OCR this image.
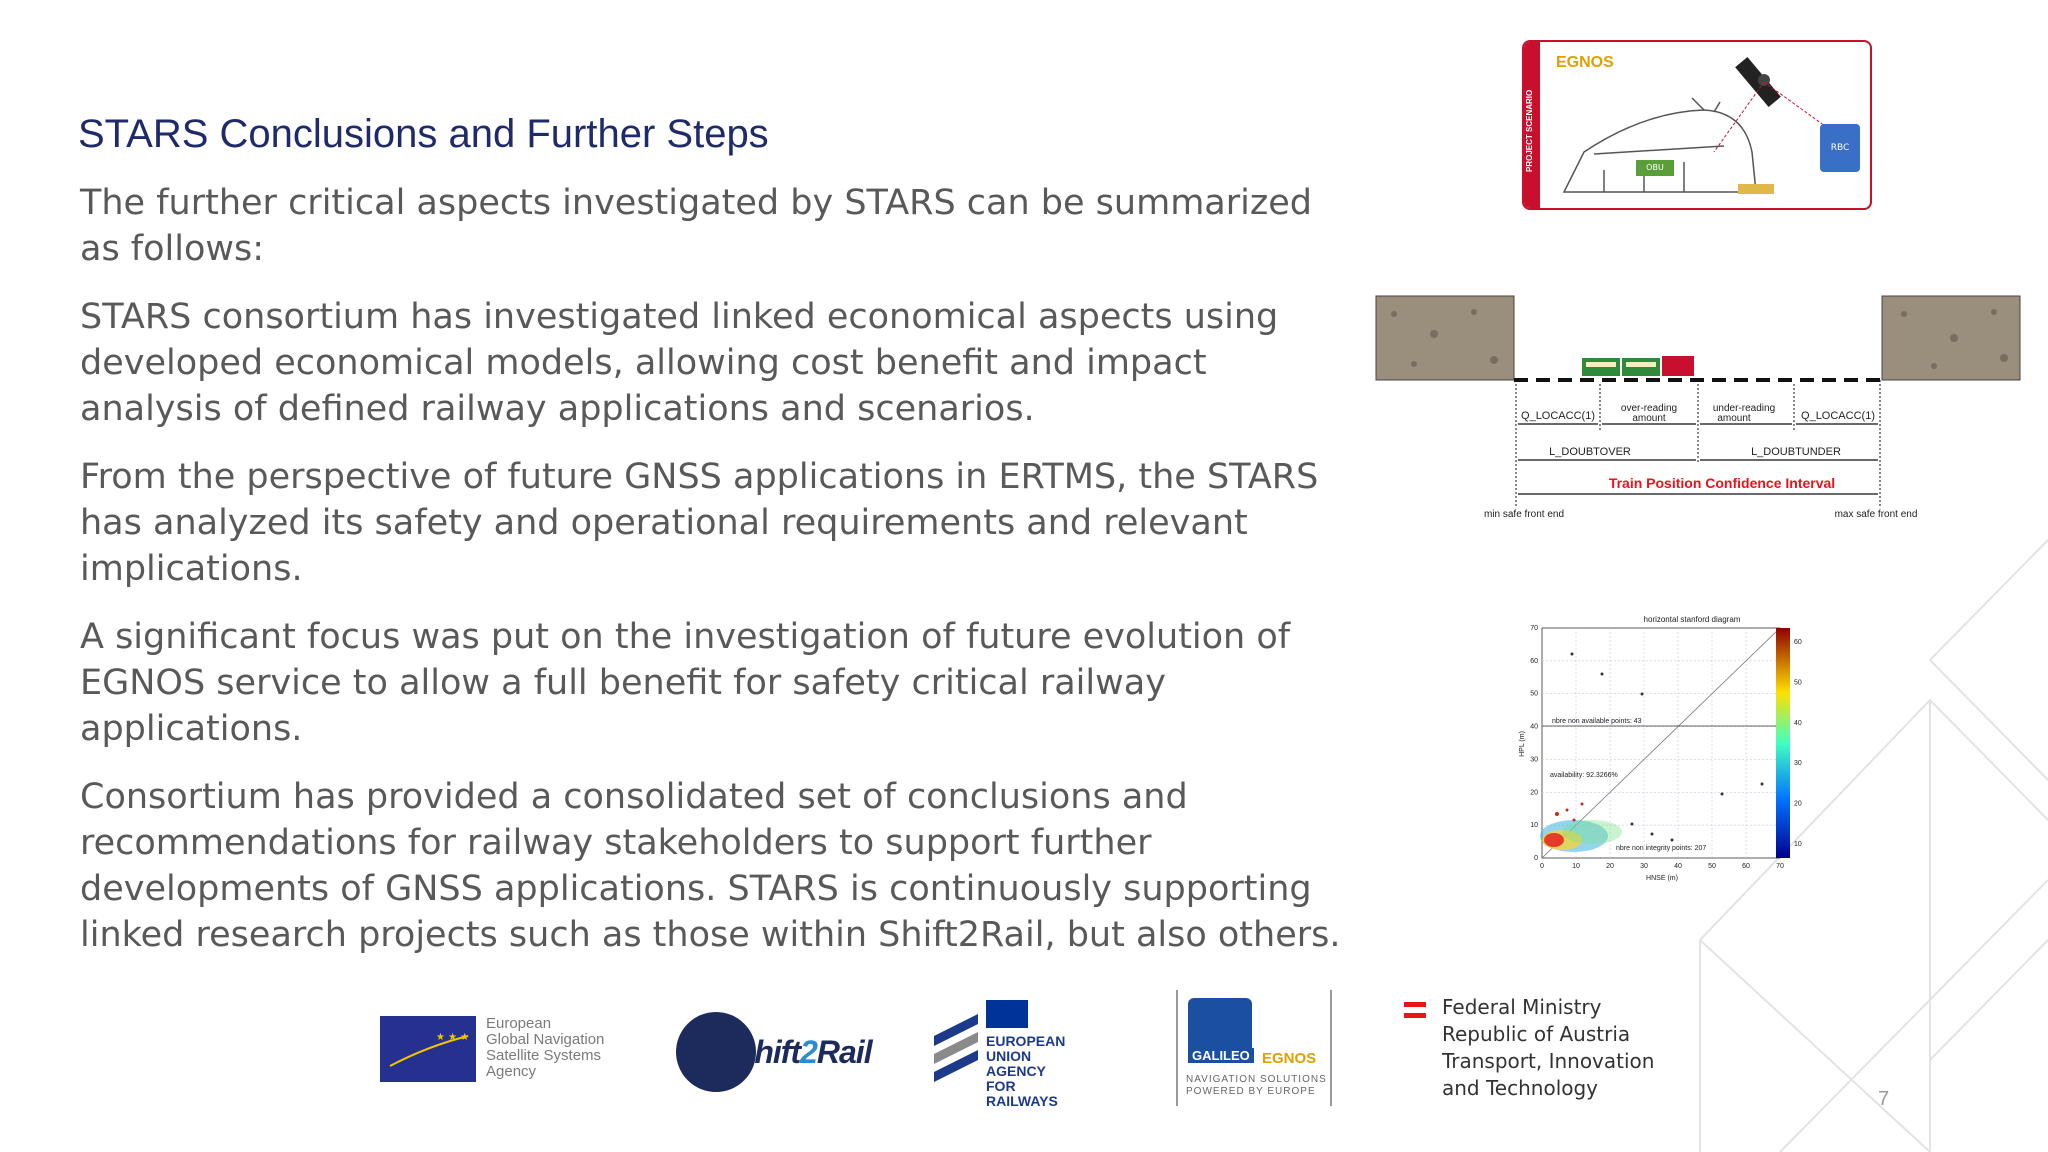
STARS Conclusions and Further Steps

The further critical aspects investigated by STARS can be summarized as follows:

STARS consortium has investigated linked economical aspects using developed economical models, allowing cost benefit and impact analysis of defined railway applications and scenarios.

From the perspective of future GNSS applications in ERTMS, the STARS has analyzed its safety and operational requirements and relevant implications.

A significant focus was put on the investigation of future evolution of EGNOS service to allow a full benefit for safety critical railway applications.

Consortium has provided a consolidated set of conclusions and recommendations for railway stakeholders to support further developments of GNSS applications. STARS is continuously supporting linked research projects such as those within Shift2Rail, but also others.

PROJECT SCENARIO
EGNOS
OBU
RBC
Q_LOCACC(1)
over-reading
amount
under-reading
amount	Q_LOCACC(1)
L_DOUBTOVER	L_DOUBTUNDER
Train Position Confidence Interval
min safe front end	max safe front end
horizontal stanford diagram
nbre non available points: 43
availability: 92.3266%
nbre non integrity points: 207
0	10	20	30	40	50	60	70
0
10
20
30
40
50
60
70
HNSE (m)
HPL (m)
10
20
30
40
50
60
★ ★ ★
European
Global Navigation
Satellite Systems
Agency
Shift2Rail	EUROPEAN
UNION
AGENCY
FOR RAILWAYS
GALILEO EGNOS
NAVIGATION SOLUTIONS
POWERED BY EUROPE
Federal Ministry
Republic of Austria
Transport, Innovation
and Technology	7
